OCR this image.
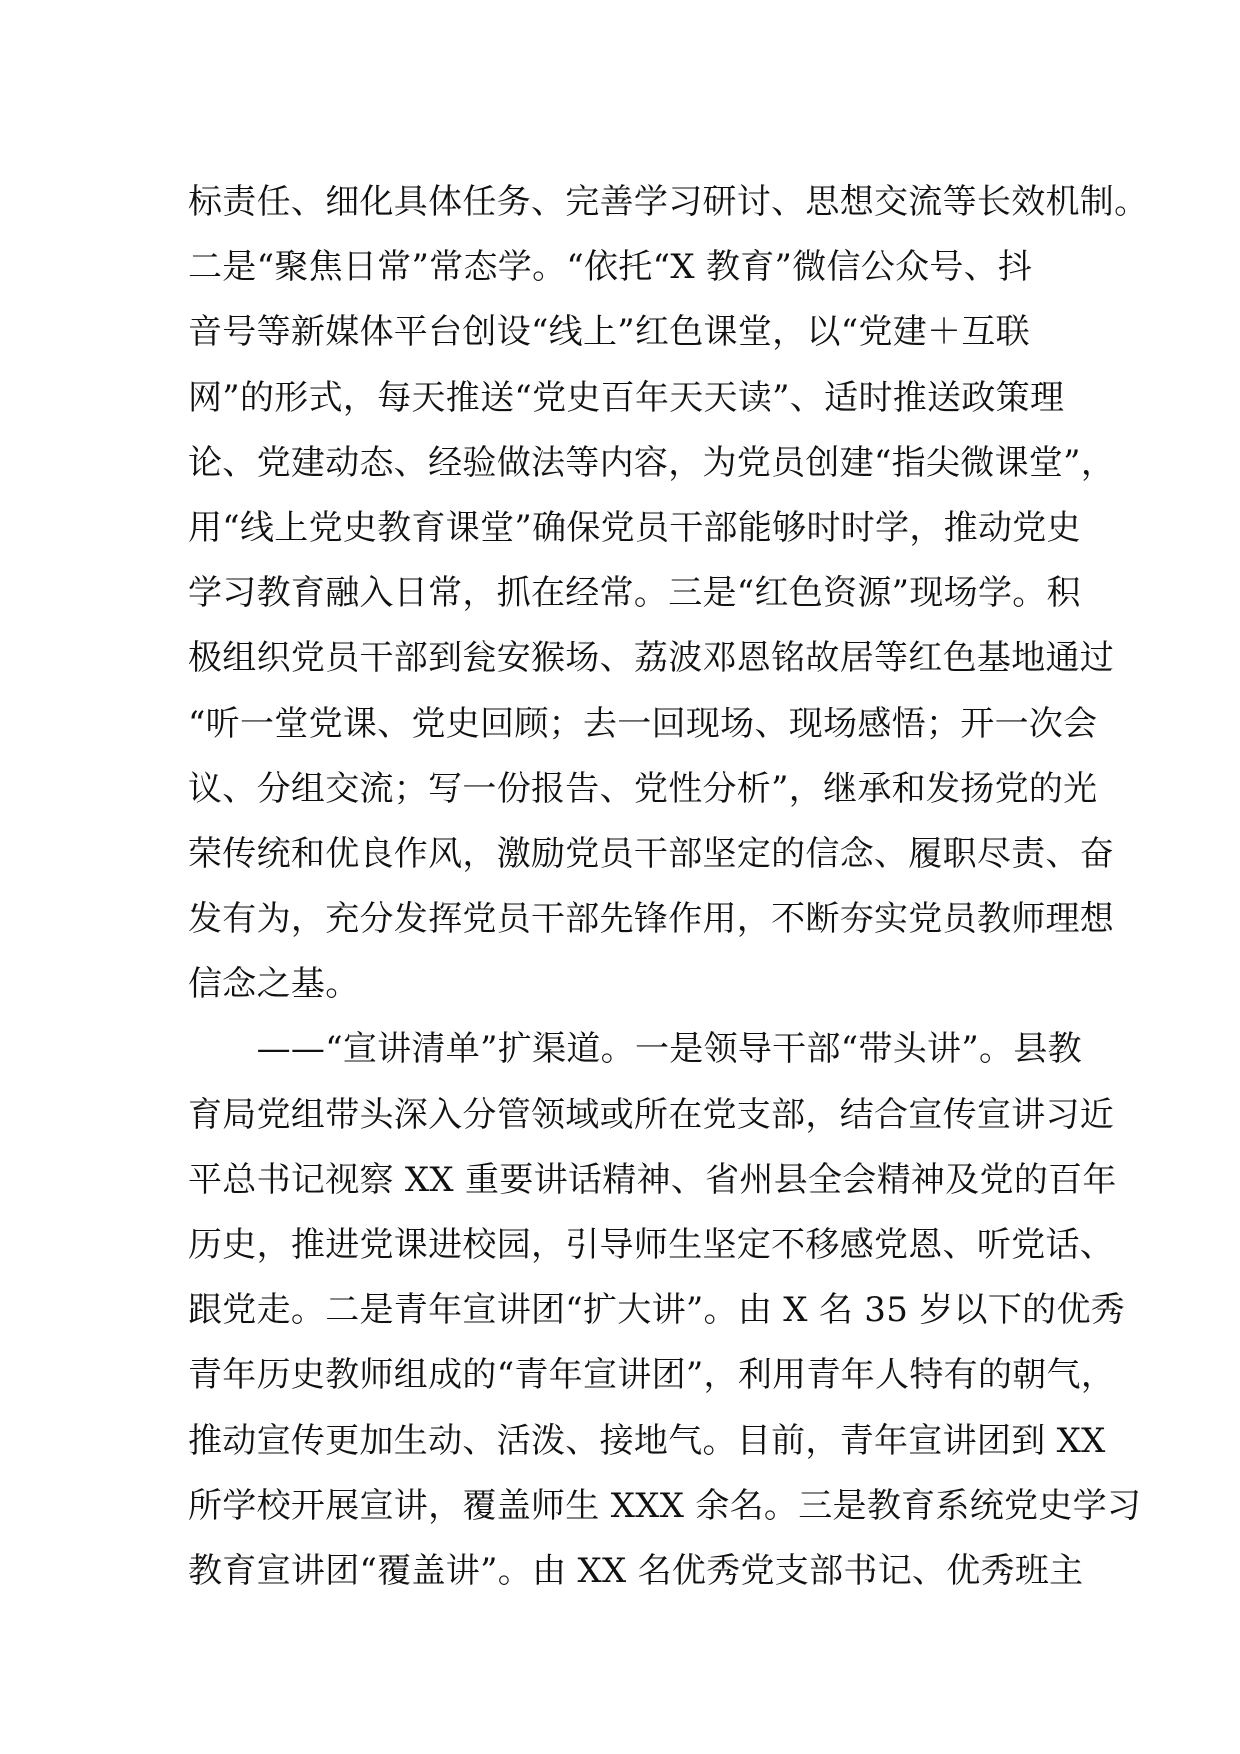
标责任、细化具体任务、完善学习研讨、思想交流等长效机制。
二是“聚焦日常”常态学。“依托“X 教育”微信公众号、抖
音号等新媒体平台创设“线上”红色课堂，以“党建＋互联
网”的形式，每天推送“党史百年天天读”、适时推送政策理
论、党建动态、经验做法等内容，为党员创建“指尖微课堂”，
用“线上党史教育课堂”确保党员干部能够时时学，推动党史
学习教育融入日常，抓在经常。三是“红色资源”现场学。积
极组织党员干部到瓮安猴场、荔波邓恩铭故居等红色基地通过
“听一堂党课、党史回顾；去一回现场、现场感悟；开一次会
议、分组交流；写一份报告、党性分析”，继承和发扬党的光
荣传统和优良作风，激励党员干部坚定的信念、履职尽责、奋
发有为，充分发挥党员干部先锋作用，不断夯实党员教师理想
信念之基。
　　——“宣讲清单”扩渠道。一是领导干部“带头讲”。县教
育局党组带头深入分管领域或所在党支部，结合宣传宣讲习近
平总书记视察 XX 重要讲话精神、省州县全会精神及党的百年
历史，推进党课进校园，引导师生坚定不移感党恩、听党话、
跟党走。二是青年宣讲团“扩大讲”。由 X 名 35 岁以下的优秀
青年历史教师组成的“青年宣讲团”，利用青年人特有的朝气，
推动宣传更加生动、活泼、接地气。目前，青年宣讲团到 XX
所学校开展宣讲，覆盖师生 XXX 余名。三是教育系统党史学习
教育宣讲团“覆盖讲”。由 XX 名优秀党支部书记、优秀班主
